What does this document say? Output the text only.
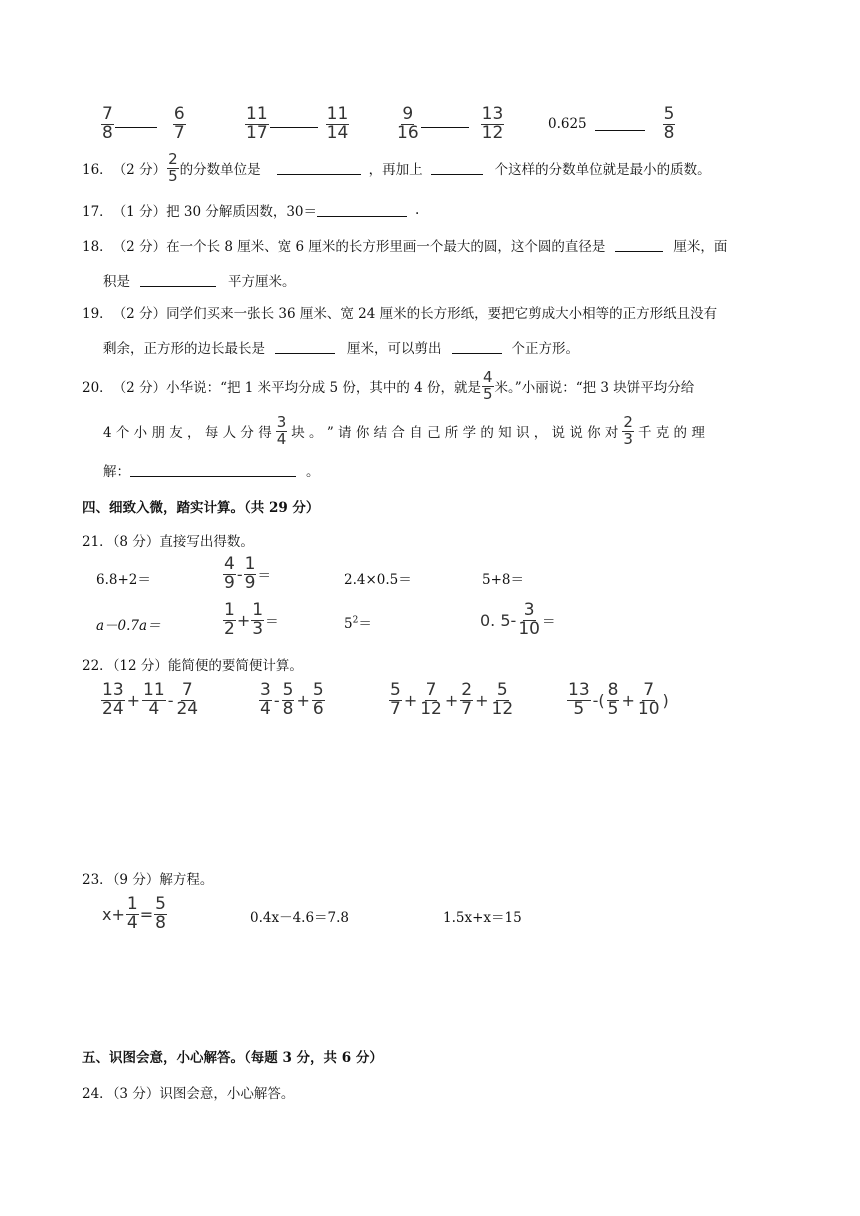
$\frac{7}{8}$	$\frac{6}{7}$	$\frac{11}{17}$	$\frac{11}{14}$	$\frac{9}{16}$	$\frac{13}{12}$	0.625	$\frac{5}{8}$
16． （2 分） $\frac{2}{5}$ 的分数单位是	，再加上	个这样的分数单位就是最小的质数。
17． （1 分） 把 30 分解质因数，30＝	.
18． （2 分） 在一个长 8 厘米、宽 6 厘米的长方形里画一个最大的圆，这个圆的直径是	厘米，面
积是	平方厘米。
19． （2 分） 同学们买来一张长 36 厘米、宽 24 厘米的长方形纸，要把它剪成大小相等的正方形纸且没有
剩余，正方形的边长最长是	厘米，可以剪出	个正方形。
20． （2 分） 小华说：“把 1 米平均分成 5 份，其中的 4 份，就是 $\frac{4}{5}$ 米。”小丽说：“把 3 块饼平均分给
4 个 小 朋 友 ， 每 人 分 得 $\frac{3}{4}$ 块 。 ” 请 你 结 合 自 己 所 学 的 知 识 ， 说 说 你 对 $\frac{2}{3}$ 千 克 的 理
解：	。
四、细致入微，踏实计算。（共 29 分）
21．（8 分）直接写出得数。
6.8+2＝	$\frac{4}{9} - \frac{1}{9}$ ＝	2.4×0.5＝	5+8＝
a－0.7a＝	$\frac{1}{2} + \frac{1}{3}$ ＝	$5^2=$	0. $5- \frac{3}{10}$ ＝
22．（12 分）能简便的要简便计算。
$\frac{13}{24} + \frac{11}{4} - \frac{7}{24}$	$\frac{3}{4} - \frac{5}{8} + \frac{5}{6}$	$\frac{5}{7} + \frac{7}{12} + \frac{2}{7} + \frac{5}{12}$	$\frac{13}{5}$ -( $\frac{8}{5} + \frac{7}{10}$ )
23．（9 分）解方程。
$x+ \frac{1}{4} = \frac{5}{8}$	0.4x－4.6＝7.8	1.5x+x＝15
五、识图会意，小心解答。（每题 3 分，共 6 分）
24．（3 分）识图会意，小心解答。
